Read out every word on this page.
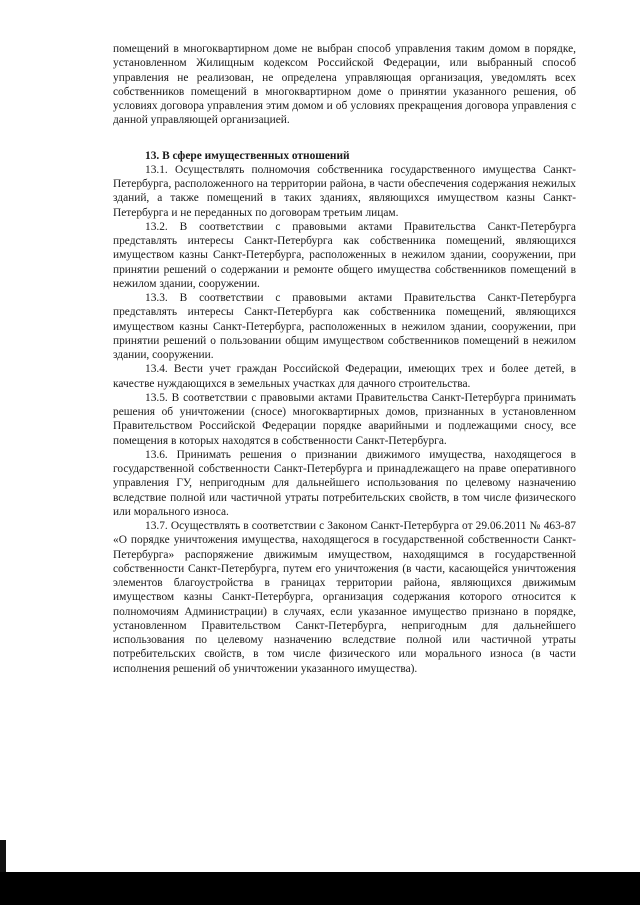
помещений в многоквартирном доме не выбран способ управления таким домом в порядке, установленном Жилищным кодексом Российской Федерации, или выбранный способ управления не реализован, не определена управляющая организация, уведомлять всех собственников помещений в многоквартирном доме о принятии указанного решения, об условиях договора управления этим домом и об условиях прекращения договора управления с данной управляющей организацией.

13. В сфере имущественных отношений

13.1. Осуществлять полномочия собственника государственного имущества Санкт-Петербурга, расположенного на территории района, в части обеспечения содержания нежилых зданий, а также помещений в таких зданиях, являющихся имуществом казны Санкт-Петербурга и не переданных по договорам третьим лицам.

13.2. В соответствии с правовыми актами Правительства Санкт-Петербурга представлять интересы Санкт-Петербурга как собственника помещений, являющихся имуществом казны Санкт-Петербурга, расположенных в нежилом здании, сооружении, при принятии решений о содержании и ремонте общего имущества собственников помещений в нежилом здании, сооружении.

13.3. В соответствии с правовыми актами Правительства Санкт-Петербурга представлять интересы Санкт-Петербурга как собственника помещений, являющихся имуществом казны Санкт-Петербурга, расположенных в нежилом здании, сооружении, при принятии решений о пользовании общим имуществом собственников помещений в нежилом здании, сооружении.

13.4. Вести учет граждан Российской Федерации, имеющих трех и более детей, в качестве нуждающихся в земельных участках для дачного строительства.

13.5. В соответствии с правовыми актами Правительства Санкт-Петербурга принимать решения об уничтожении (сносе) многоквартирных домов, признанных в установленном Правительством Российской Федерации порядке аварийными и подлежащими сносу, все помещения в которых находятся в собственности Санкт-Петербурга.

13.6. Принимать решения о признании движимого имущества, находящегося в государственной собственности Санкт-Петербурга и принадлежащего на праве оперативного управления ГУ, непригодным для дальнейшего использования по целевому назначению вследствие полной или частичной утраты потребительских свойств, в том числе физического или морального износа.

13.7. Осуществлять в соответствии с Законом Санкт-Петербурга от 29.06.2011 № 463-87 «О порядке уничтожения имущества, находящегося в государственной собственности Санкт-Петербурга» распоряжение движимым имуществом, находящимся в государственной собственности Санкт-Петербурга, путем его уничтожения (в части, касающейся уничтожения элементов благоустройства в границах территории района, являющихся движимым имуществом казны Санкт-Петербурга, организация содержания которого относится к полномочиям Администрации) в случаях, если указанное имущество признано в порядке, установленном Правительством Санкт-Петербурга, непригодным для дальнейшего использования по целевому назначению вследствие полной или частичной утраты потребительских свойств, в том числе физического или морального износа (в части исполнения решений об уничтожении указанного имущества).
